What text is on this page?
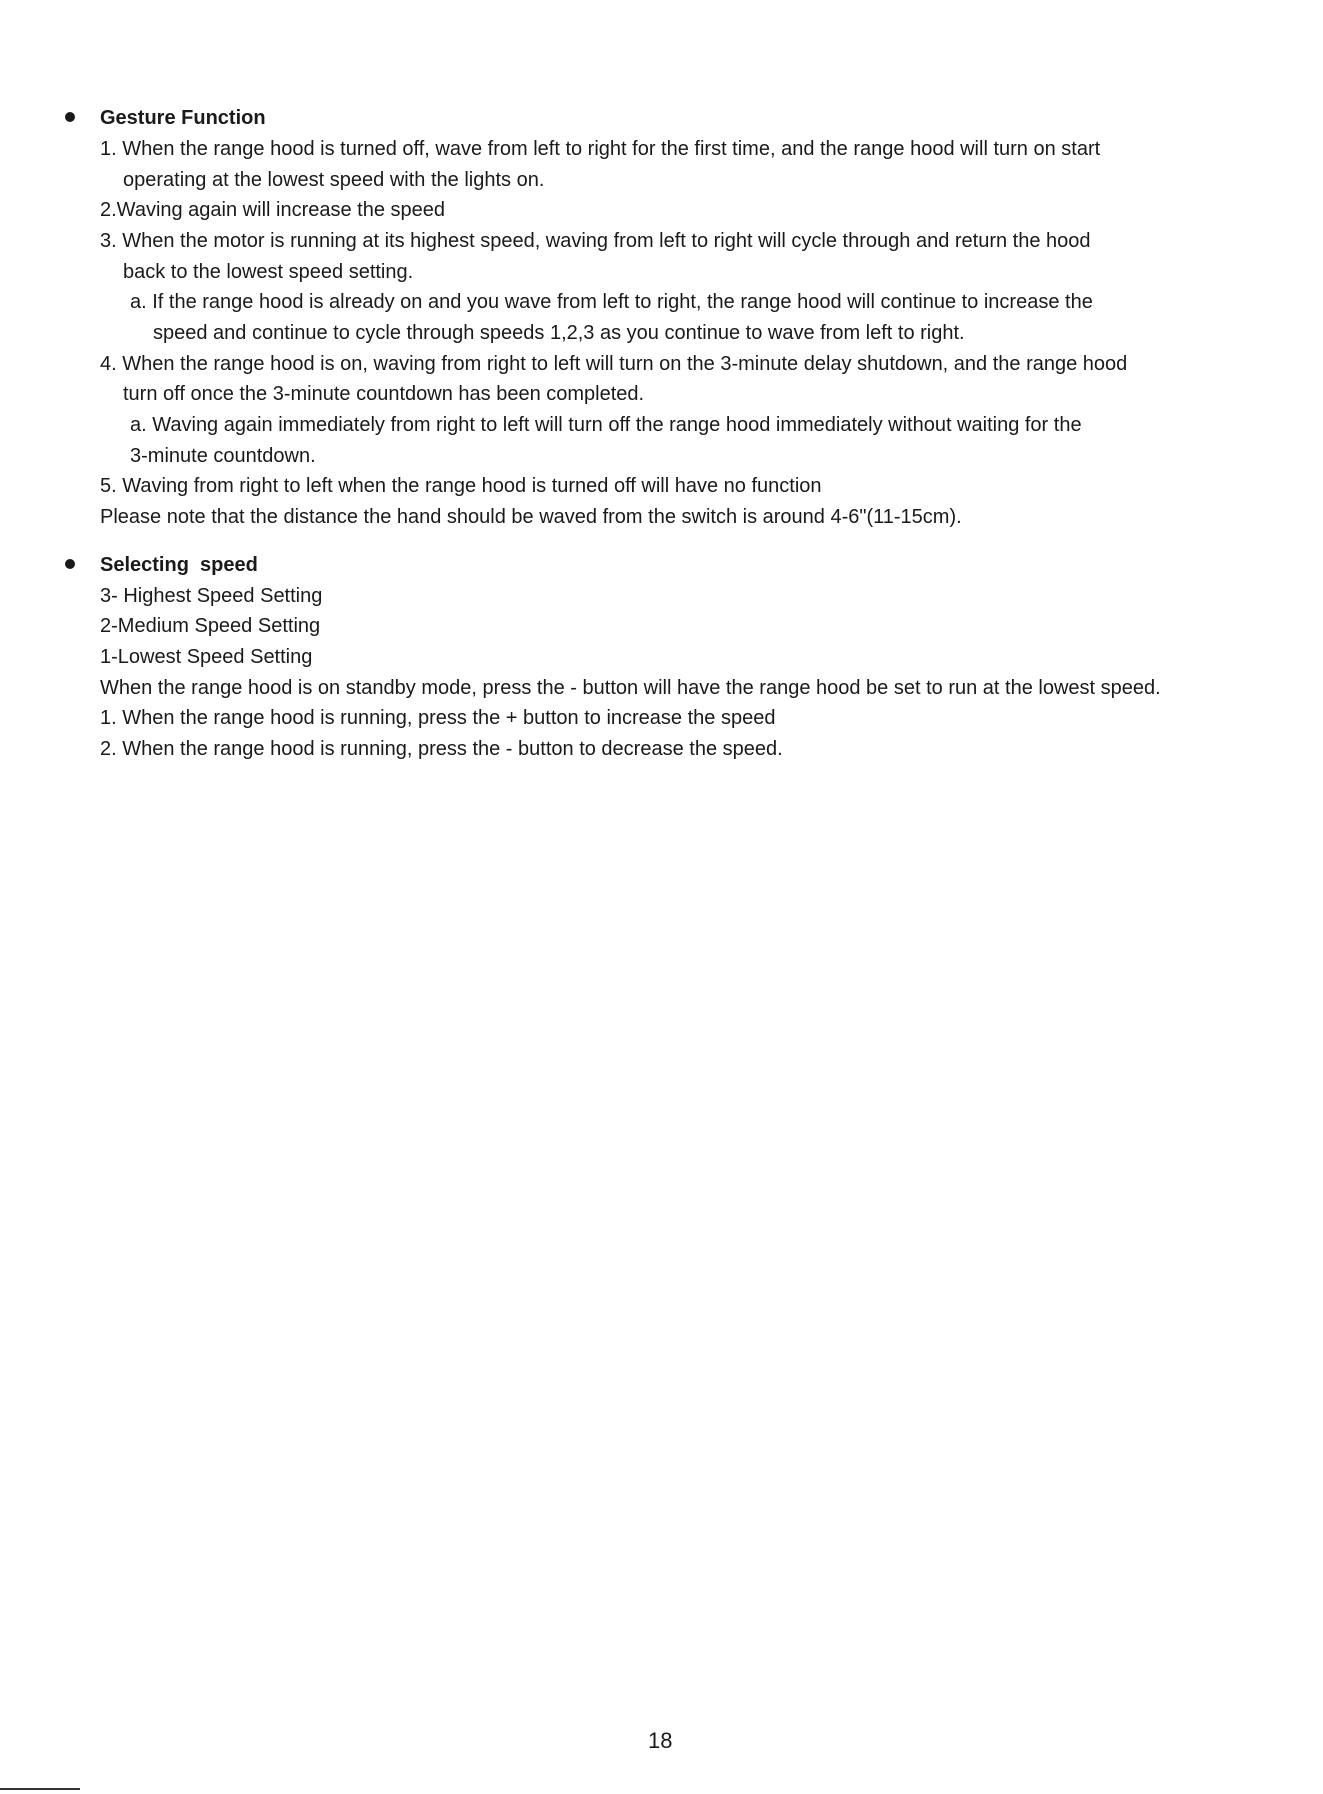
Gesture Function
1. When the range hood is turned off, wave from left to right for the first time, and the range hood will turn on start
operating at the lowest speed with the lights on.
2.Waving again will increase the speed
3. When the motor is running at its highest speed, waving from left to right will cycle through and return the hood
back to the lowest speed setting.
a. If the range hood is already on and you wave from left to right, the range hood will continue to increase the
speed and continue to cycle through speeds 1,2,3 as you continue to wave from left to right.
4. When the range hood is on, waving from right to left will turn on the 3-minute delay shutdown, and the range hood
turn off once the 3-minute countdown has been completed.
a. Waving again immediately from right to left will turn off the range hood immediately without waiting for the
3-minute countdown.
5. Waving from right to left when the range hood is turned off will have no function
Please note that the distance the hand should be waved from the switch is around 4-6"(11-15cm).
Selecting  speed
3- Highest Speed Setting
2-Medium Speed Setting
1-Lowest Speed Setting
When the range hood is on standby mode, press the - button will have the range hood be set to run at the lowest speed.
1. When the range hood is running, press the + button to increase the speed
2. When the range hood is running, press the - button to decrease the speed.
18
